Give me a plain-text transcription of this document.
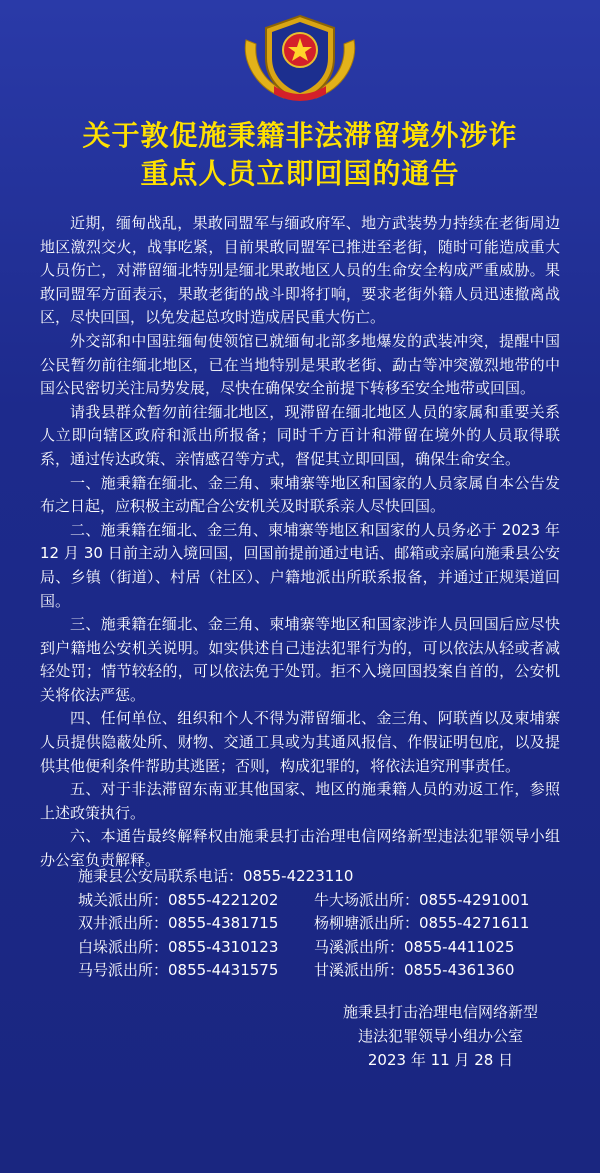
关于敦促施秉籍非法滞留境外涉诈
重点人员立即回国的通告

近期，缅甸战乱，果敢同盟军与缅政府军、地方武装势力持续在老街周边地区激烈交火，战事吃紧，目前果敢同盟军已推进至老街，随时可能造成重大人员伤亡，对滞留缅北特别是缅北果敢地区人员的生命安全构成严重威胁。果敢同盟军方面表示，果敢老街的战斗即将打响，要求老街外籍人员迅速撤离战区，尽快回国，以免发起总攻时造成居民重大伤亡。

外交部和中国驻缅甸使领馆已就缅甸北部多地爆发的武装冲突，提醒中国公民暂勿前往缅北地区，已在当地特别是果敢老街、勐古等冲突激烈地带的中国公民密切关注局势发展，尽快在确保安全前提下转移至安全地带或回国。

请我县群众暂勿前往缅北地区，现滞留在缅北地区人员的家属和重要关系人立即向辖区政府和派出所报备；同时千方百计和滞留在境外的人员取得联系，通过传达政策、亲情感召等方式，督促其立即回国，确保生命安全。

一、施秉籍在缅北、金三角、柬埔寨等地区和国家的人员家属自本公告发布之日起，应积极主动配合公安机关及时联系亲人尽快回国。

二、施秉籍在缅北、金三角、柬埔寨等地区和国家的人员务必于 2023 年 12 月 30 日前主动入境回国，回国前提前通过电话、邮箱或亲属向施秉县公安局、乡镇（街道）、村居（社区）、户籍地派出所联系报备，并通过正规渠道回国。

三、施秉籍在缅北、金三角、柬埔寨等地区和国家涉诈人员回国后应尽快到户籍地公安机关说明。如实供述自己违法犯罪行为的，可以依法从轻或者减轻处罚；情节较轻的，可以依法免于处罚。拒不入境回国投案自首的，公安机关将依法严惩。

四、任何单位、组织和个人不得为滞留缅北、金三角、阿联酋以及柬埔寨人员提供隐蔽处所、财物、交通工具或为其通风报信、作假证明包庇，以及提供其他便利条件帮助其逃匿；否则，构成犯罪的，将依法追究刑事责任。

五、对于非法滞留东南亚其他国家、地区的施秉籍人员的劝返工作，参照上述政策执行。

六、本通告最终解释权由施秉县打击治理电信网络新型违法犯罪领导小组办公室负责解释。

施秉县公安局联系电话：0855-4223110
城关派出所：0855-4221202	牛大场派出所：0855-4291001
双井派出所：0855-4381715	杨柳塘派出所：0855-4271611
白垛派出所：0855-4310123	马溪派出所：0855-4411025
马号派出所：0855-4431575	甘溪派出所：0855-4361360
施秉县打击治理电信网络新型
违法犯罪领导小组办公室
2023 年 11 月 28 日
